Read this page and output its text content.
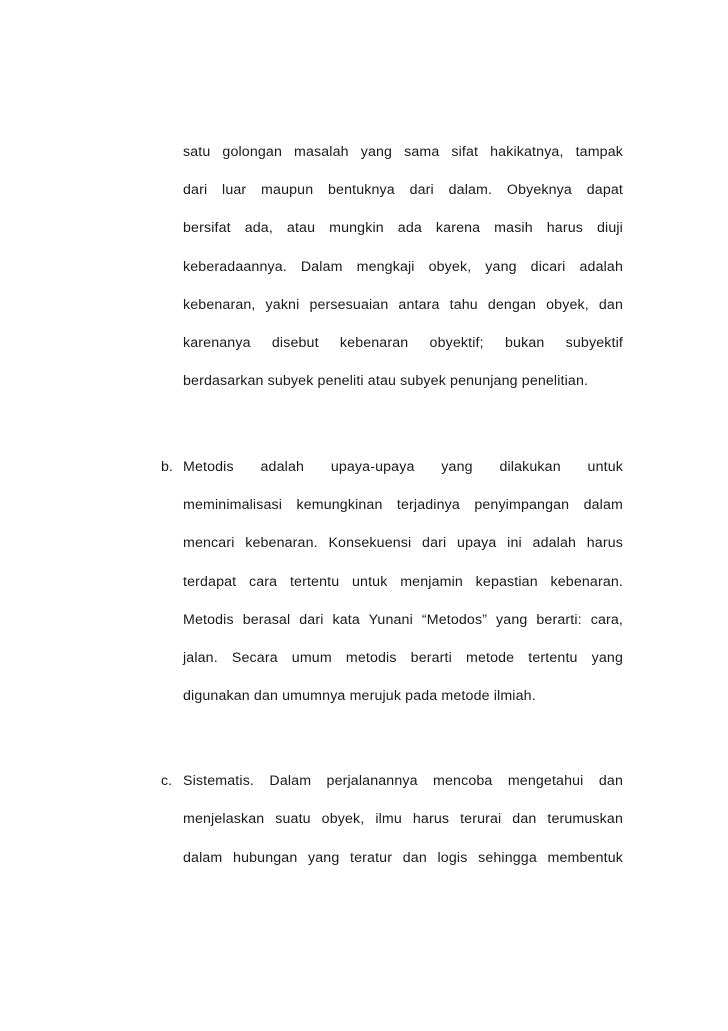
satu golongan masalah yang sama sifat hakikatnya, tampak
dari luar maupun bentuknya dari dalam. Obyeknya dapat
bersifat ada, atau mungkin ada karena masih harus diuji
keberadaannya. Dalam mengkaji obyek, yang dicari adalah
kebenaran, yakni persesuaian antara tahu dengan obyek, dan
karenanya disebut kebenaran obyektif; bukan subyektif
berdasarkan subyek peneliti atau subyek penunjang penelitian.
b. Metodis adalah upaya-upaya yang dilakukan untuk
meminimalisasi kemungkinan terjadinya penyimpangan dalam
mencari kebenaran. Konsekuensi dari upaya ini adalah harus
terdapat cara tertentu untuk menjamin kepastian kebenaran.
Metodis berasal dari kata Yunani “Metodos” yang berarti: cara,
jalan. Secara umum metodis berarti metode tertentu yang
digunakan dan umumnya merujuk pada metode ilmiah.
c. Sistematis. Dalam perjalanannya mencoba mengetahui dan
menjelaskan suatu obyek, ilmu harus terurai dan terumuskan
dalam hubungan yang teratur dan logis sehingga membentuk
